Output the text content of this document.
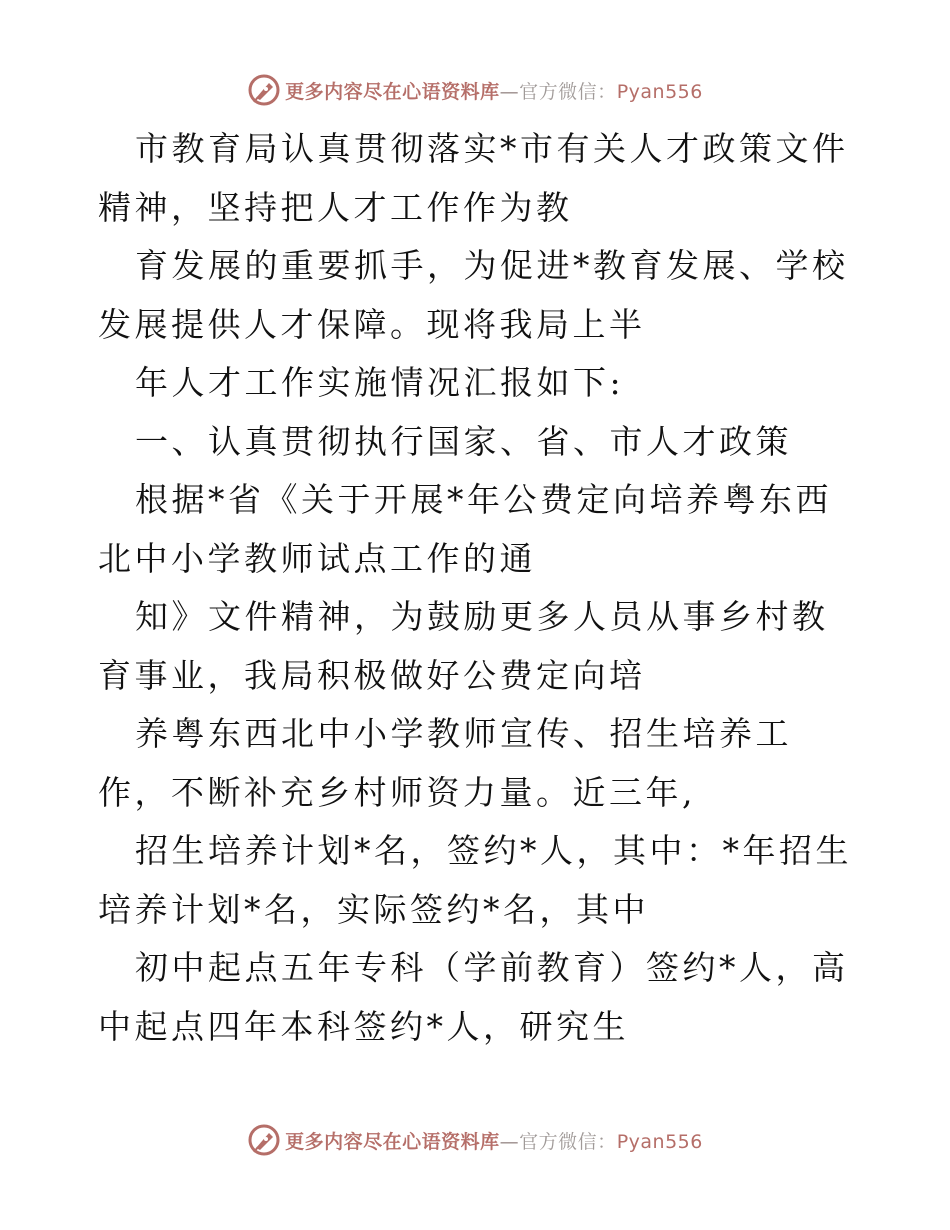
更多内容尽在心语资料库—官方微信：Pyan556

市教育局认真贯彻落实*市有关人才政策文件精神，坚持把人才工作作为教

育发展的重要抓手，为促进*教育发展、学校发展提供人才保障。现将我局上半

年人才工作实施情况汇报如下:

一、认真贯彻执行国家、省、市人才政策

根据*省《关于开展*年公费定向培养粤东西北中小学教师试点工作的通

知》文件精神，为鼓励更多人员从事乡村教育事业，我局积极做好公费定向培

养粤东西北中小学教师宣传、招生培养工作，不断补充乡村师资力量。近三年,

招生培养计划*名，签约*人，其中：*年招生培养计划*名，实际签约*名，其中

初中起点五年专科（学前教育）签约*人，高中起点四年本科签约*人，研究生

更多内容尽在心语资料库—官方微信：Pyan556
